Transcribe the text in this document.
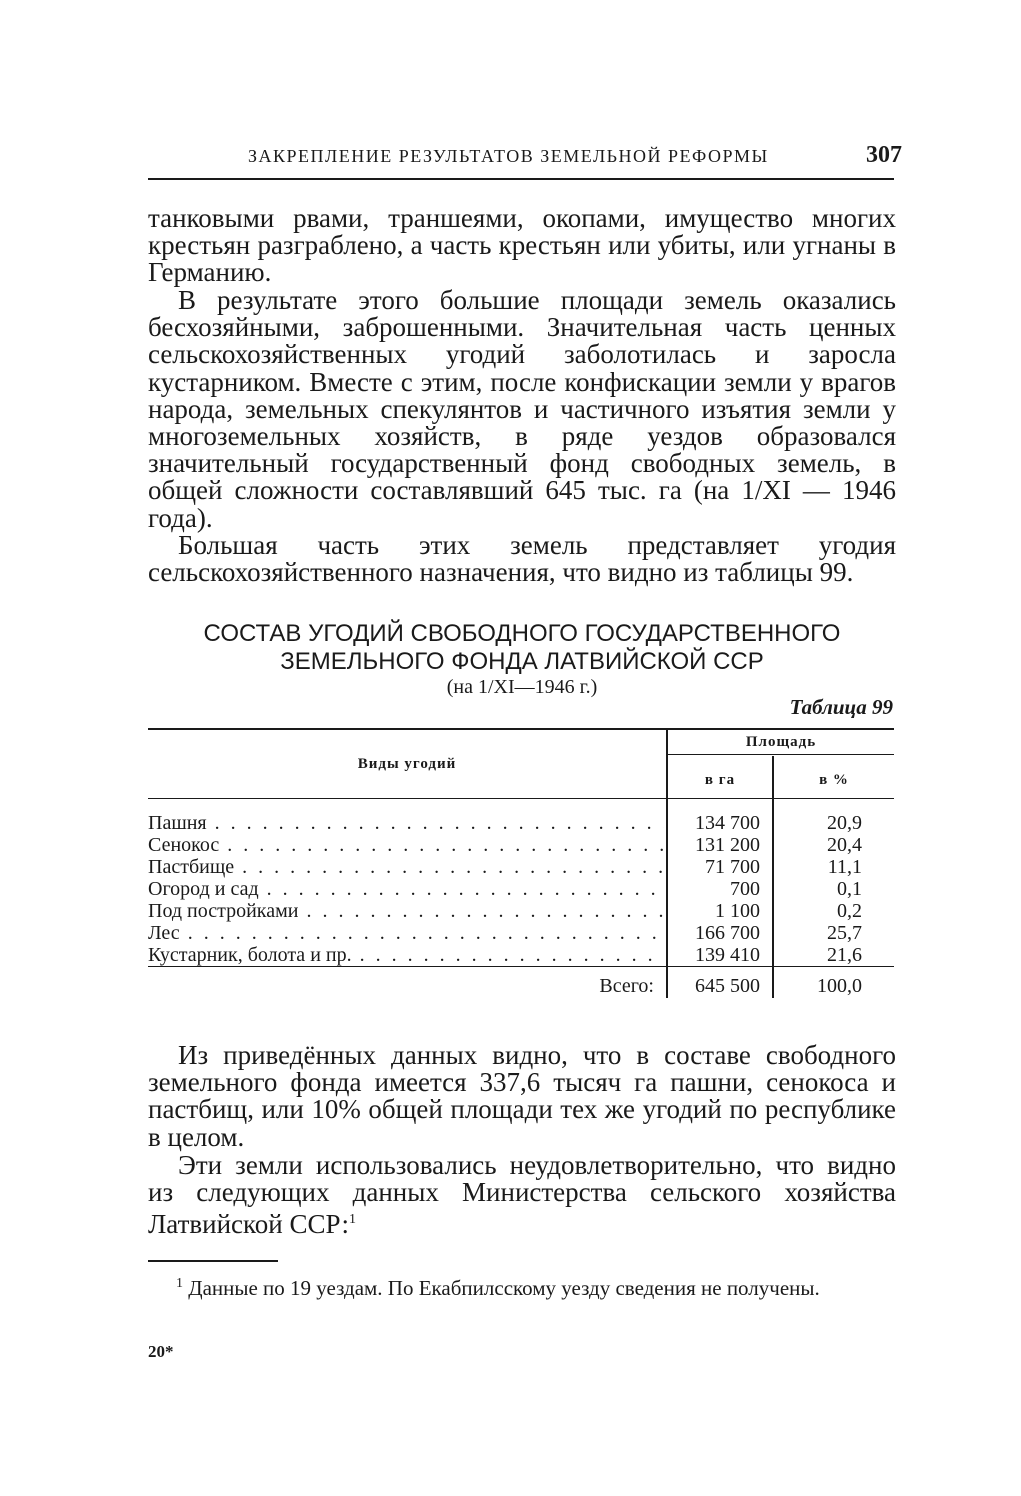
ЗАКРЕПЛЕНИЕ РЕЗУЛЬТАТОВ ЗЕМЕЛЬНОЙ РЕФОРМЫ	307

танковыми рвами, траншеями, окопами, имущество многих крестьян разграблено, а часть крестьян или убиты, или угнаны в Германию.

В результате этого большие площади земель оказались бесхозяйными, заброшенными. Значительная часть ценных сельскохозяйственных угодий заболотилась и заросла кустарником. Вместе с этим, после конфискации земли у врагов народа, земельных спекулянтов и частичного изъятия земли у многоземельных хозяйств, в ряде уездов образовался значительный государственный фонд свободных земель, в общей сложности составлявший 645 тыс. га (на 1/XI — 1946 года).

Большая часть этих земель представляет угодия сельскохозяйственного назначения, что видно из таблицы 99.

СОСТАВ УГОДИЙ СВОБОДНОГО ГОСУДАРСТВЕННОГО

ЗЕМЕЛЬНОГО ФОНДА ЛАТВИЙСКОЙ ССР

(на 1/XI—1946 г.)

Таблица 99
Виды угодий
Площадь
в га	в %
Пашня . . .	134 700	20,9
Сенокос . . .	131 200	20,4
Пастбище . . .	71 700	11,1
Огород и сад . . .	700	0,1
Под постройками . . .	1 100	0,2
Лес . . .	166 700	25,7
Кустарник, болота и пр. . . .	139 410	21,6
Всего:	645 500	100,0

Из приведённых данных видно, что в составе свободного земельного фонда имеется 337,6 тысяч га пашни, сенокоса и пастбищ, или 10% общей площади тех же угодий по республике в целом.

Эти земли использовались неудовлетворительно, что видно из следующих данных Министерства сельского хозяйства Латвийской ССР:$^1$

$^1$ Данные по 19 уездам. По Екабпилсскому уезду сведения не получены.

20*
